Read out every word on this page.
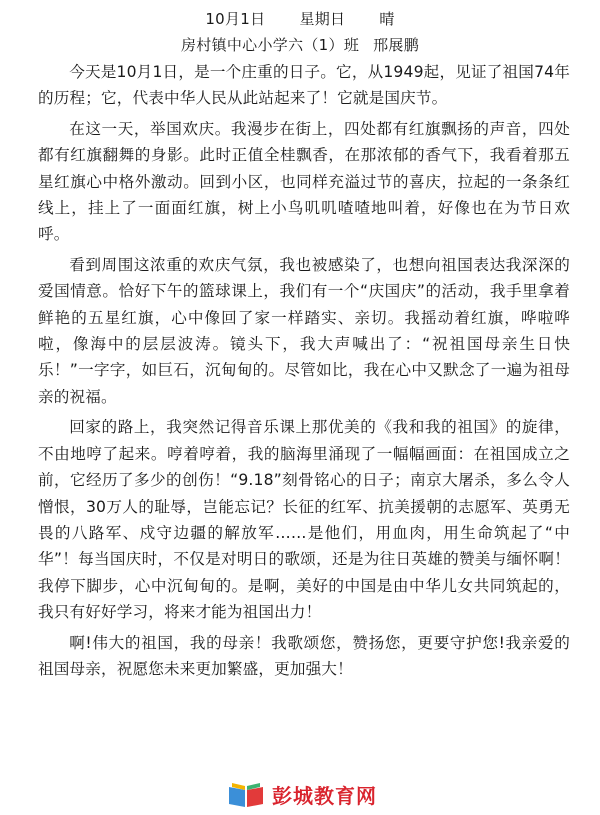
10月1日 星期日 晴
房村镇中心小学六（1）班 邢展鹏

今天是10月1日，是一个庄重的日子。它，从1949起，见证了祖国74年的历程；它，代表中华人民从此站起来了！它就是国庆节。

在这一天，举国欢庆。我漫步在街上，四处都有红旗飘扬的声音，四处都有红旗翻舞的身影。此时正值全桂飘香，在那浓郁的香气下，我看着那五星红旗心中格外激动。回到小区，也同样充溢过节的喜庆，拉起的一条条红线上，挂上了一面面红旗，树上小鸟叽叽喳喳地叫着，好像也在为节日欢呼。

看到周围这浓重的欢庆气氛，我也被感染了，也想向祖国表达我深深的爱国情意。恰好下午的篮球课上，我们有一个“庆国庆”的活动，我手里拿着鲜艳的五星红旗，心中像回了家一样踏实、亲切。我摇动着红旗，哗啦哗啦，像海中的层层波涛。镜头下，我大声喊出了：“祝祖国母亲生日快乐！”一字字，如巨石，沉甸甸的。尽管如比，我在心中又默念了一遍为祖母亲的祝福。

回家的路上，我突然记得音乐课上那优美的《我和我的祖国》的旋律，不由地哼了起来。哼着哼着，我的脑海里涌现了一幅幅画面：在祖国成立之前，它经历了多少的创伤！“9.18”刻骨铭心的日子；南京大屠杀，多么令人憎恨，30万人的耻辱，岂能忘记？长征的红军、抗美援朝的志愿军、英勇无畏的八路军、戍守边疆的解放军……是他们，用血肉，用生命筑起了“中华”！每当国庆时，不仅是对明日的歌颂，还是为往日英雄的赞美与缅怀啊！我停下脚步，心中沉甸甸的。是啊，美好的中国是由中华儿女共同筑起的，我只有好好学习，将来才能为祖国出力！

啊!伟大的祖国，我的母亲！我歌颂您，赞扬您，更要守护您!我亲爱的祖国母亲，祝愿您未来更加繁盛，更加强大！

彭城教育网
